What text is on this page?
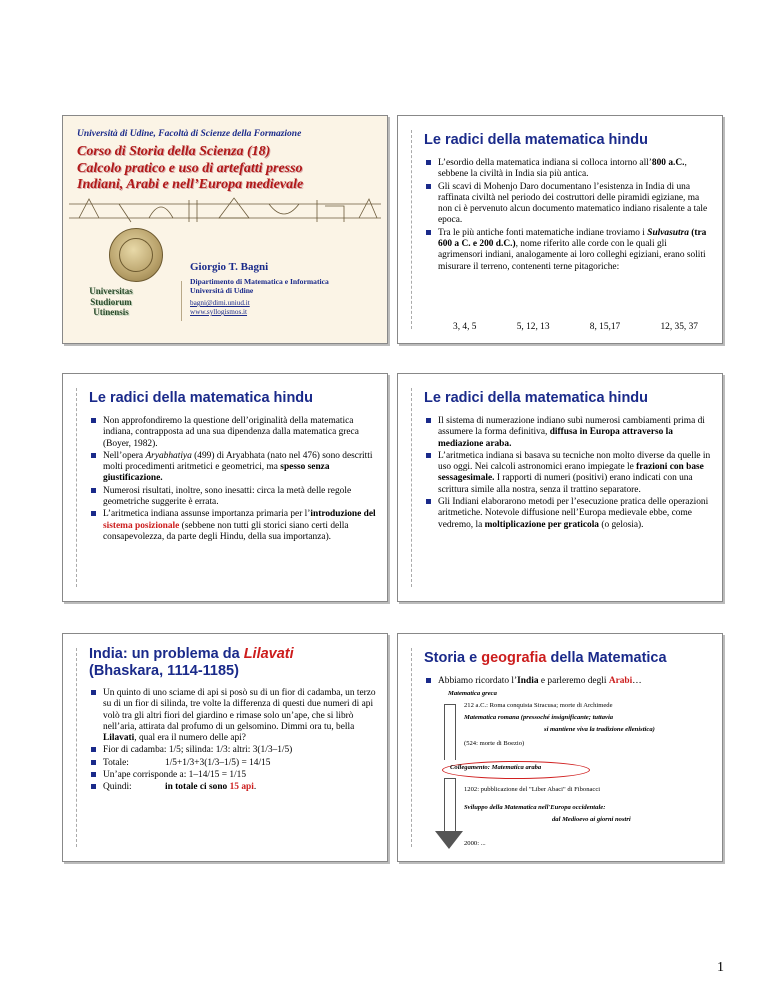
Università di Udine, Facoltà di Scienze della Formazione
Corso di Storia della Scienza (18)
Calcolo pratico e uso di artefatti presso
Indiani, Arabi e nell’Europa medievale
Universitas
Studiorum
Utinensis
Giorgio T. Bagni
Dipartimento di Matematica e Informatica
Università di Udine
bagni@dimi.uniud.it
www.syllogismos.it
Le radici della matematica hindu
L’esordio della matematica indiana si colloca intorno all’800 a.C., sebbene la civiltà in India sia più antica.
Gli scavi di Mohenjo Daro documentano l’esistenza in India di una raffinata civiltà nel periodo dei costruttori delle piramidi egiziane, ma non ci è pervenuto alcun documento matematico indiano risalente a tale epoca.
Tra le più antiche fonti matematiche indiane troviamo i Sulvasutra (tra 600 a C. e 200 d.C.), nome riferito alle corde con le quali gli agrimensori indiani, analogamente ai loro colleghi egiziani, erano soliti misurare il terreno, contenenti terne pitagoriche:
3, 4, 5	5, 12, 13	8, 15,17	12, 35, 37
Le radici della matematica hindu
Non approfondiremo la questione dell’originalità della matematica indiana, contrapposta ad una sua dipendenza dalla matematica greca (Boyer, 1982).
Nell’opera Aryabhatiya (499) di Aryabhata (nato nel 476) sono descritti molti procedimenti aritmetici e geometrici, ma spesso senza giustificazione.
Numerosi risultati, inoltre, sono inesatti: circa la metà delle regole geometriche suggerite è errata.
L’aritmetica indiana assunse importanza primaria per l’introduzione del sistema posizionale (sebbene non tutti gli storici siano certi della consapevolezza, da parte degli Hindu, della sua importanza).
Le radici della matematica hindu
Il sistema di numerazione indiano subì numerosi cambiamenti prima di assumere la forma definitiva, diffusa in Europa attraverso la mediazione araba.
L’aritmetica indiana si basava su tecniche non molto diverse da quelle in uso oggi. Nei calcoli astronomici erano impiegate le frazioni con base sessagesimale. I rapporti di numeri (positivi) erano indicati con una scrittura simile alla nostra, senza il trattino separatore.
Gli Indiani elaborarono metodi per l’esecuzione pratica delle operazioni aritmetiche. Notevole diffusione nell’Europa medievale ebbe, come vedremo, la moltiplicazione per graticola (o gelosia).
India: un problema da Lilavati
(Bhaskara, 1114-1185)
Un quinto di uno sciame di api si posò su di un fior di cadamba, un terzo su di un fior di silinda, tre volte la differenza di questi due numeri di api volò tra gli altri fiori del giardino e rimase solo un’ape, che si librò nell’aria, attirata dal profumo di un gelsomino. Dimmi ora tu, bella Lilavati, qual era il numero delle api?
Fior di cadamba: 1/5; silinda: 1/3: altri: 3(1/3–1/5)
Totale:	1/5+1/3+3(1/3–1/5) = 14/15
Un’ape corrisponde a: 1–14/15 = 1/15
Quindi:	in totale ci sono 15 api.
Storia e geografia della Matematica
Abbiamo ricordato l’India e parleremo degli Arabi…
Matematica greca
212 a.C.: Roma conquista Siracusa; morte di Archimede
Matematica romana (pressoché insignificante; tuttavia
si mantiene viva la tradizione ellenistica)
(524: morte di Boezio)
Collegamento: Matematica araba
1202: pubblicazione del "Liber Abaci" di Fibonacci
Sviluppo della Matematica nell'Europa occidentale:
dal Medioevo ai giorni nostri
2000: ...
1
